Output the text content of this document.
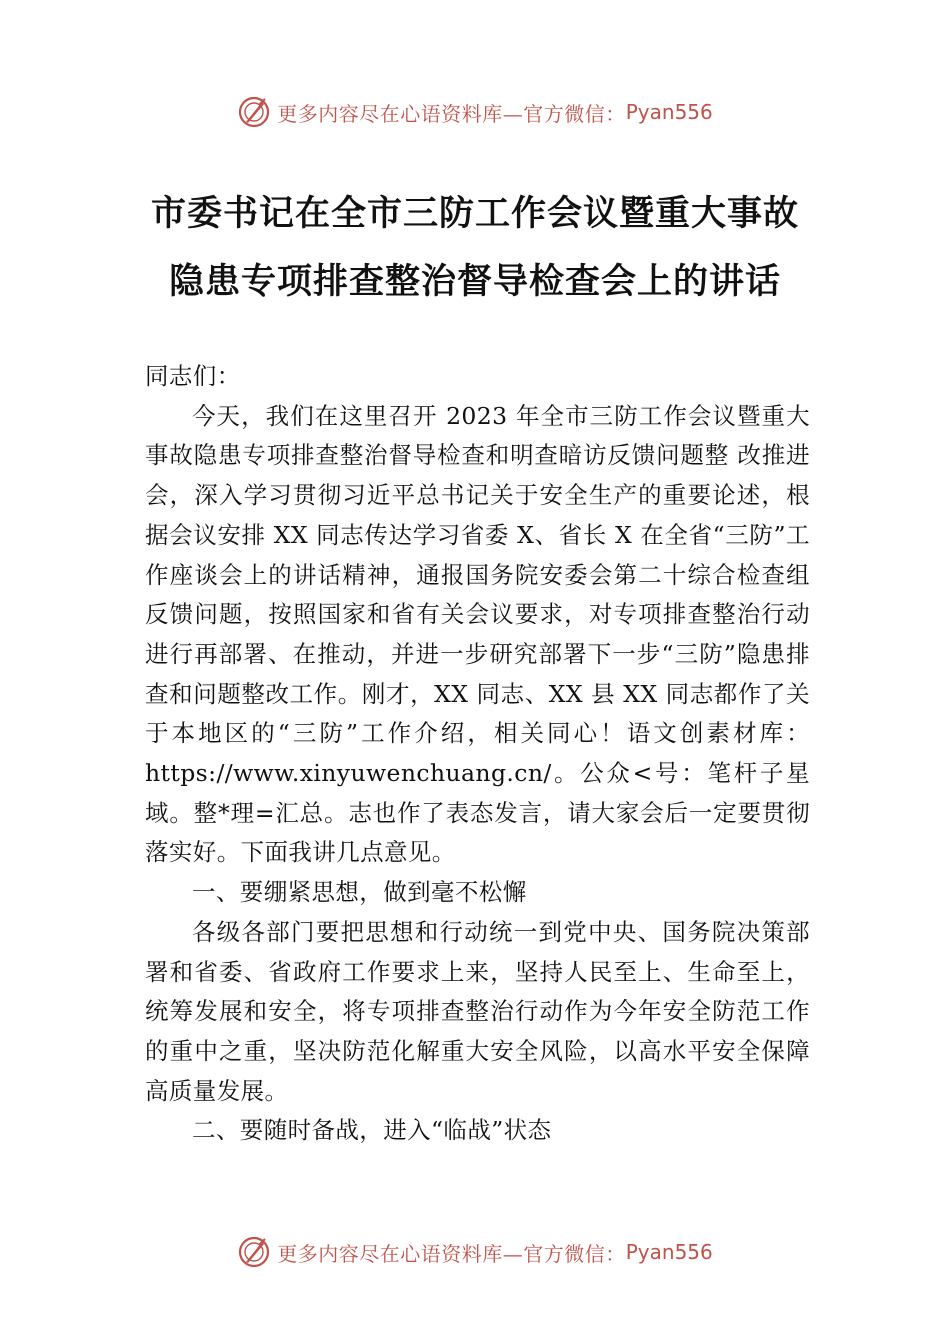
更多内容尽在心语资料库—官方微信： Pyan556
市委书记在全市三防工作会议暨重大事故
隐患专项排查整治督导检查会上的讲话

同志们：

今天，我们在这里召开 2023 年全市三防工作会议暨重大事故隐患专项排查整治督导检查和明查暗访反馈问题整 改推进会，深入学习贯彻习近平总书记关于安全生产的重要论述，根据会议安排 XX 同志传达学习省委 X、省长 X 在全省“三防”工作座谈会上的讲话精神，通报国务院安委会第二十综合检查组反馈问题，按照国家和省有关会议要求，对专项排查整治行动进行再部署、在推动，并进一步研究部署下一步“三防”隐患排查和问题整改工作。刚才，XX 同志、XX 县 XX 同志都作了关于本地区的“三防”工作介绍，相关同心！语文创素材库：https://www.xinyuwenchuang.cn/。公众<号：笔杆子星域。整*理=汇总。志也作了表态发言，请大家会后一定要贯彻落实好。下面我讲几点意见。

一、要绷紧思想，做到毫不松懈

各级各部门要把思想和行动统一到党中央、国务院决策部署和省委、省政府工作要求上来，坚持人民至上、生命至上，统筹发展和安全，将专项排查整治行动作为今年安全防范工作的重中之重，坚决防范化解重大安全风险，以高水平安全保障高质量发展。

二、要随时备战，进入“临战”状态

更多内容尽在心语资料库—官方微信： Pyan556
